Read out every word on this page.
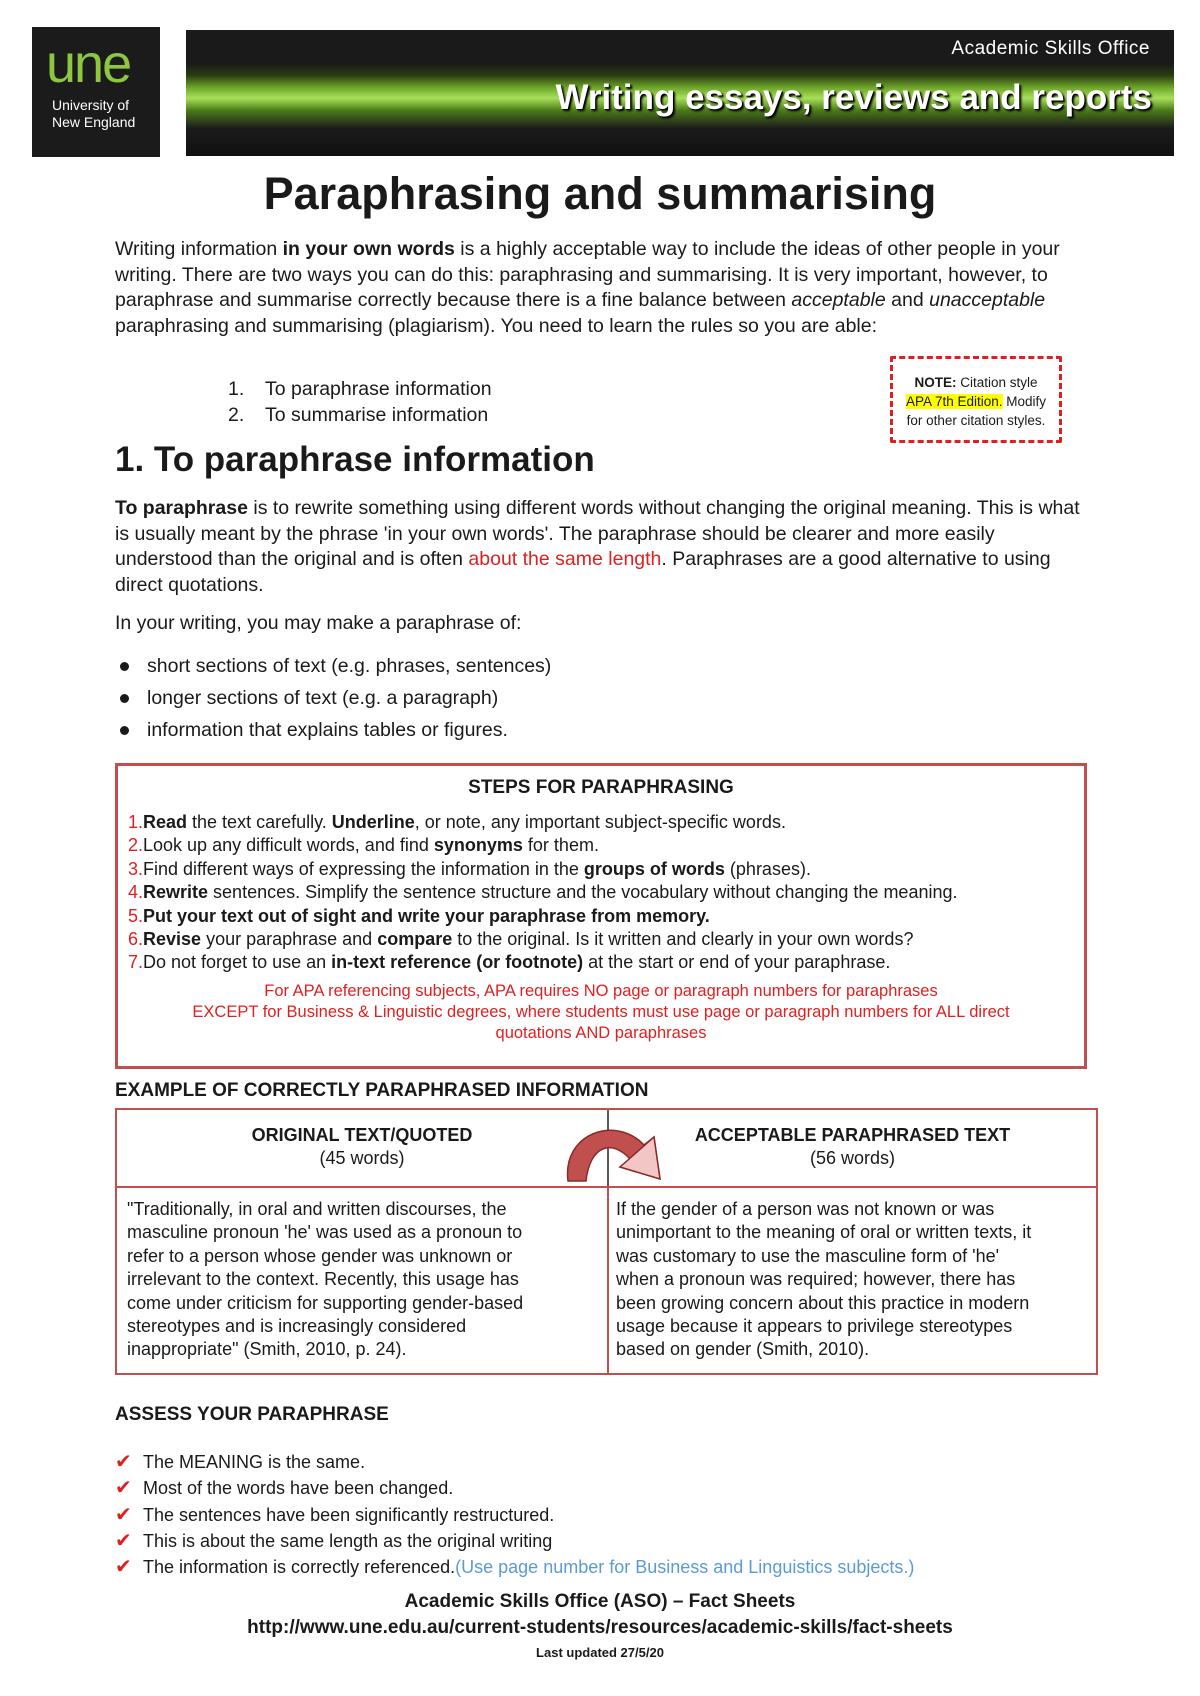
une
University of
New England
Academic Skills Office
Writing essays, reviews and reports
Paraphrasing and summarising

Writing information in your own words is a highly acceptable way to include the ideas of other people in your writing. There are two ways you can do this: paraphrasing and summarising. It is very important, however, to paraphrase and summarise correctly because there is a fine balance between acceptable and unacceptable paraphrasing and summarising (plagiarism). You need to learn the rules so you are able:

1. To paraphrase information
2. To summarise information
NOTE: Citation style
APA 7th Edition. Modify
for other citation styles.
1. To paraphrase information

To paraphrase is to rewrite something using different words without changing the original meaning. This is what is usually meant by the phrase 'in your own words'. The paraphrase should be clearer and more easily understood than the original and is often about the same length. Paraphrases are a good alternative to using direct quotations.

In your writing, you may make a paraphrase of:

short sections of text (e.g. phrases, sentences)
longer sections of text (e.g. a paragraph)
information that explains tables or figures.
STEPS FOR PARAPHRASING
1.Read the text carefully. Underline, or note, any important subject-specific words.
2.Look up any difficult words, and find synonyms for them.
3.Find different ways of expressing the information in the groups of words (phrases).
4.Rewrite sentences. Simplify the sentence structure and the vocabulary without changing the meaning.
5.Put your text out of sight and write your paraphrase from memory.
6.Revise your paraphrase and compare to the original. Is it written and clearly in your own words?
7.Do not forget to use an in-text reference (or footnote) at the start or end of your paraphrase.
For APA referencing subjects, APA requires NO page or paragraph numbers for paraphrases
EXCEPT for Business & Linguistic degrees, where students must use page or paragraph numbers for ALL direct
quotations AND paraphrases
EXAMPLE OF CORRECTLY PARAPHRASED INFORMATION
ORIGINAL TEXT/QUOTED
(45 words)
ACCEPTABLE PARAPHRASED TEXT
(56 words)
"Traditionally, in oral and written discourses, the
masculine pronoun 'he' was used as a pronoun to
refer to a person whose gender was unknown or
irrelevant to the context. Recently, this usage has
come under criticism for supporting gender-based
stereotypes and is increasingly considered
inappropriate" (Smith, 2010, p. 24).
If the gender of a person was not known or was
unimportant to the meaning of oral or written texts, it
was customary to use the masculine form of 'he'
when a pronoun was required; however, there has
been growing concern about this practice in modern
usage because it appears to privilege stereotypes
based on gender (Smith, 2010).
ASSESS YOUR PARAPHRASE
✔ The MEANING is the same.
✔ Most of the words have been changed.
✔ The sentences have been significantly restructured.
✔ This is about the same length as the original writing
✔ The information is correctly referenced. (Use page number for Business and Linguistics subjects.)
Academic Skills Office (ASO) – Fact Sheets
http://www.une.edu.au/current-students/resources/academic-skills/fact-sheets
Last updated 27/5/20
